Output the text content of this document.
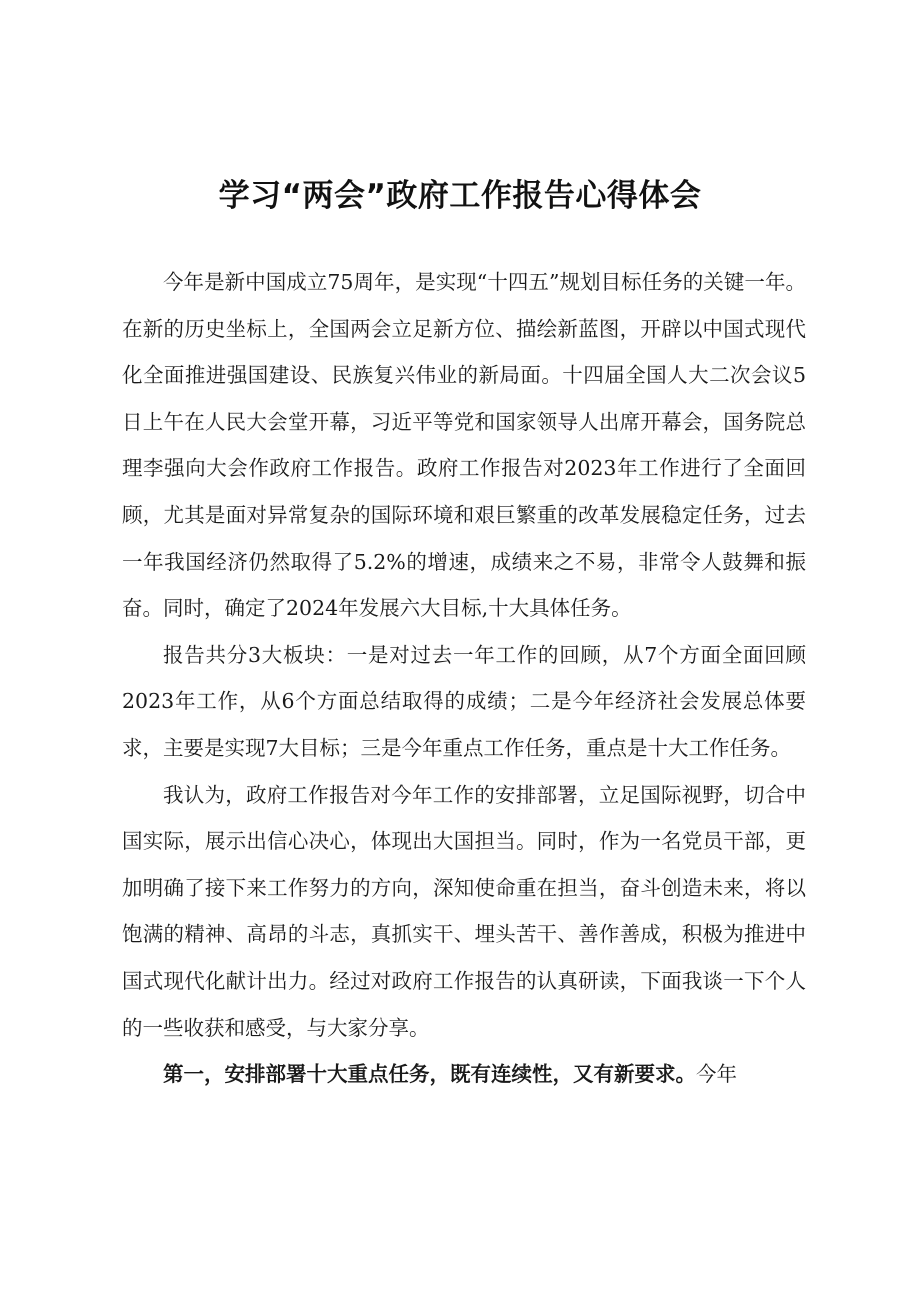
学习“两会”政府工作报告心得体会

今年是新中国成立75周年，是实现“十四五”规划目标任务的关键一年。在新的历史坐标上，全国两会立足新方位、描绘新蓝图，开辟以中国式现代化全面推进强国建设、民族复兴伟业的新局面。十四届全国人大二次会议5日上午在人民大会堂开幕，习近平等党和国家领导人出席开幕会，国务院总理李强向大会作政府工作报告。政府工作报告对2023年工作进行了全面回顾，尤其是面对异常复杂的国际环境和艰巨繁重的改革发展稳定任务，过去一年我国经济仍然取得了5.2%的增速，成绩来之不易，非常令人鼓舞和振奋。同时，确定了2024年发展六大目标,十大具体任务。

报告共分3大板块：一是对过去一年工作的回顾，从7个方面全面回顾2023年工作，从6个方面总结取得的成绩；二是今年经济社会发展总体要求，主要是实现7大目标；三是今年重点工作任务，重点是十大工作任务。

我认为，政府工作报告对今年工作的安排部署，立足国际视野，切合中国实际，展示出信心决心，体现出大国担当。同时，作为一名党员干部，更加明确了接下来工作努力的方向，深知使命重在担当，奋斗创造未来，将以饱满的精神、高昂的斗志，真抓实干、埋头苦干、善作善成，积极为推进中国式现代化献计出力。经过对政府工作报告的认真研读，下面我谈一下个人的一些收获和感受，与大家分享。

第一，安排部署十大重点任务，既有连续性，又有新要求。今年
